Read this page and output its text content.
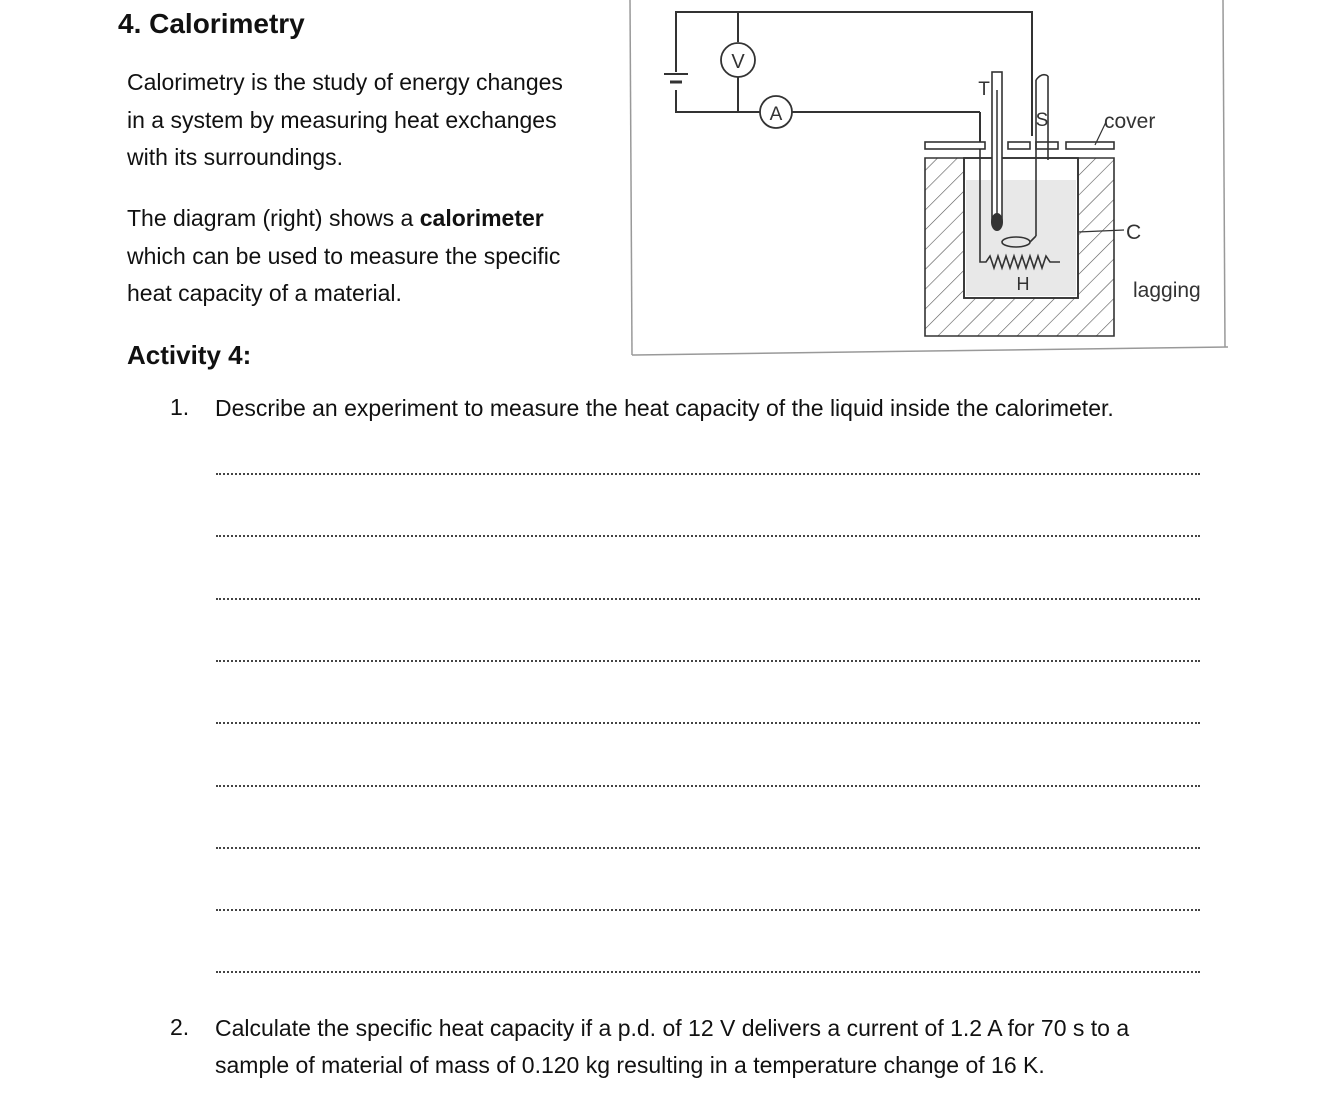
4. Calorimetry
Calorimetry is the study of energy changes
in a system by measuring heat exchanges
with its surroundings.
The diagram (right) shows a calorimeter
which can be used to measure the specific
heat capacity of a material.
V
A
T
S
H
cover
C
lagging
Activity 4:
1. Describe an experiment to measure the heat capacity of the liquid inside the calorimeter.
2. Calculate the specific heat capacity if a p.d. of 12 V delivers a current of 1.2 A for 70 s to a
sample of material of mass of 0.120 kg resulting in a temperature change of 16 K.
